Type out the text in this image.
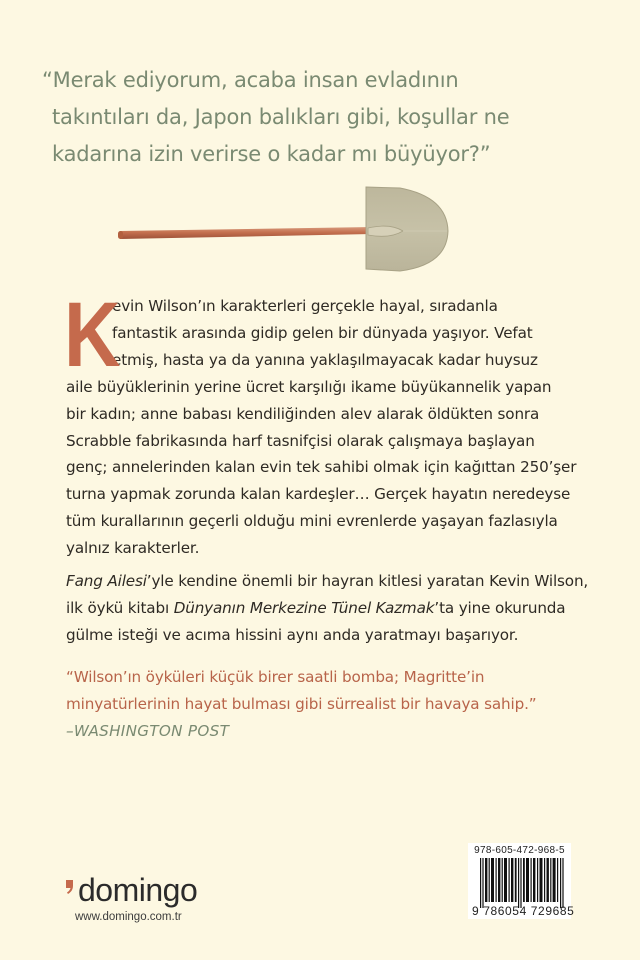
“Merak ediyorum, acaba insan evladının
takıntıları da, Japon balıkları gibi, koşullar ne
kadarına izin verirse o kadar mı büyüyor?”
K
evin Wilson’ın karakterleri gerçekle hayal, sıradanla
fantastik arasında gidip gelen bir dünyada yaşıyor. Vefat
etmiş, hasta ya da yanına yaklaşılmayacak kadar huysuz
aile büyüklerinin yerine ücret karşılığı ikame büyükannelik yapan
bir kadın; anne babası kendiliğinden alev alarak öldükten sonra
Scrabble fabrikasında harf tasnifçisi olarak çalışmaya başlayan
genç; annelerinden kalan evin tek sahibi olmak için kağıttan 250’şer
turna yapmak zorunda kalan kardeşler… Gerçek hayatın neredeyse
tüm kurallarının geçerli olduğu mini evrenlerde yaşayan fazlasıyla
yalnız karakterler.
Fang Ailesi’yle kendine önemli bir hayran kitlesi yaratan Kevin Wilson,
ilk öykü kitabı Dünyanın Merkezine Tünel Kazmak’ta yine okurunda
gülme isteği ve acıma hissini aynı anda yaratmayı başarıyor.
“Wilson’ın öyküleri küçük birer saatli bomba; Magritte’in
minyatürlerinin hayat bulması gibi sürrealist bir havaya sahip.”
–WASHINGTON POST
domingo
www.domingo.com.tr
978-605-472-968-5
9 786054 729685
